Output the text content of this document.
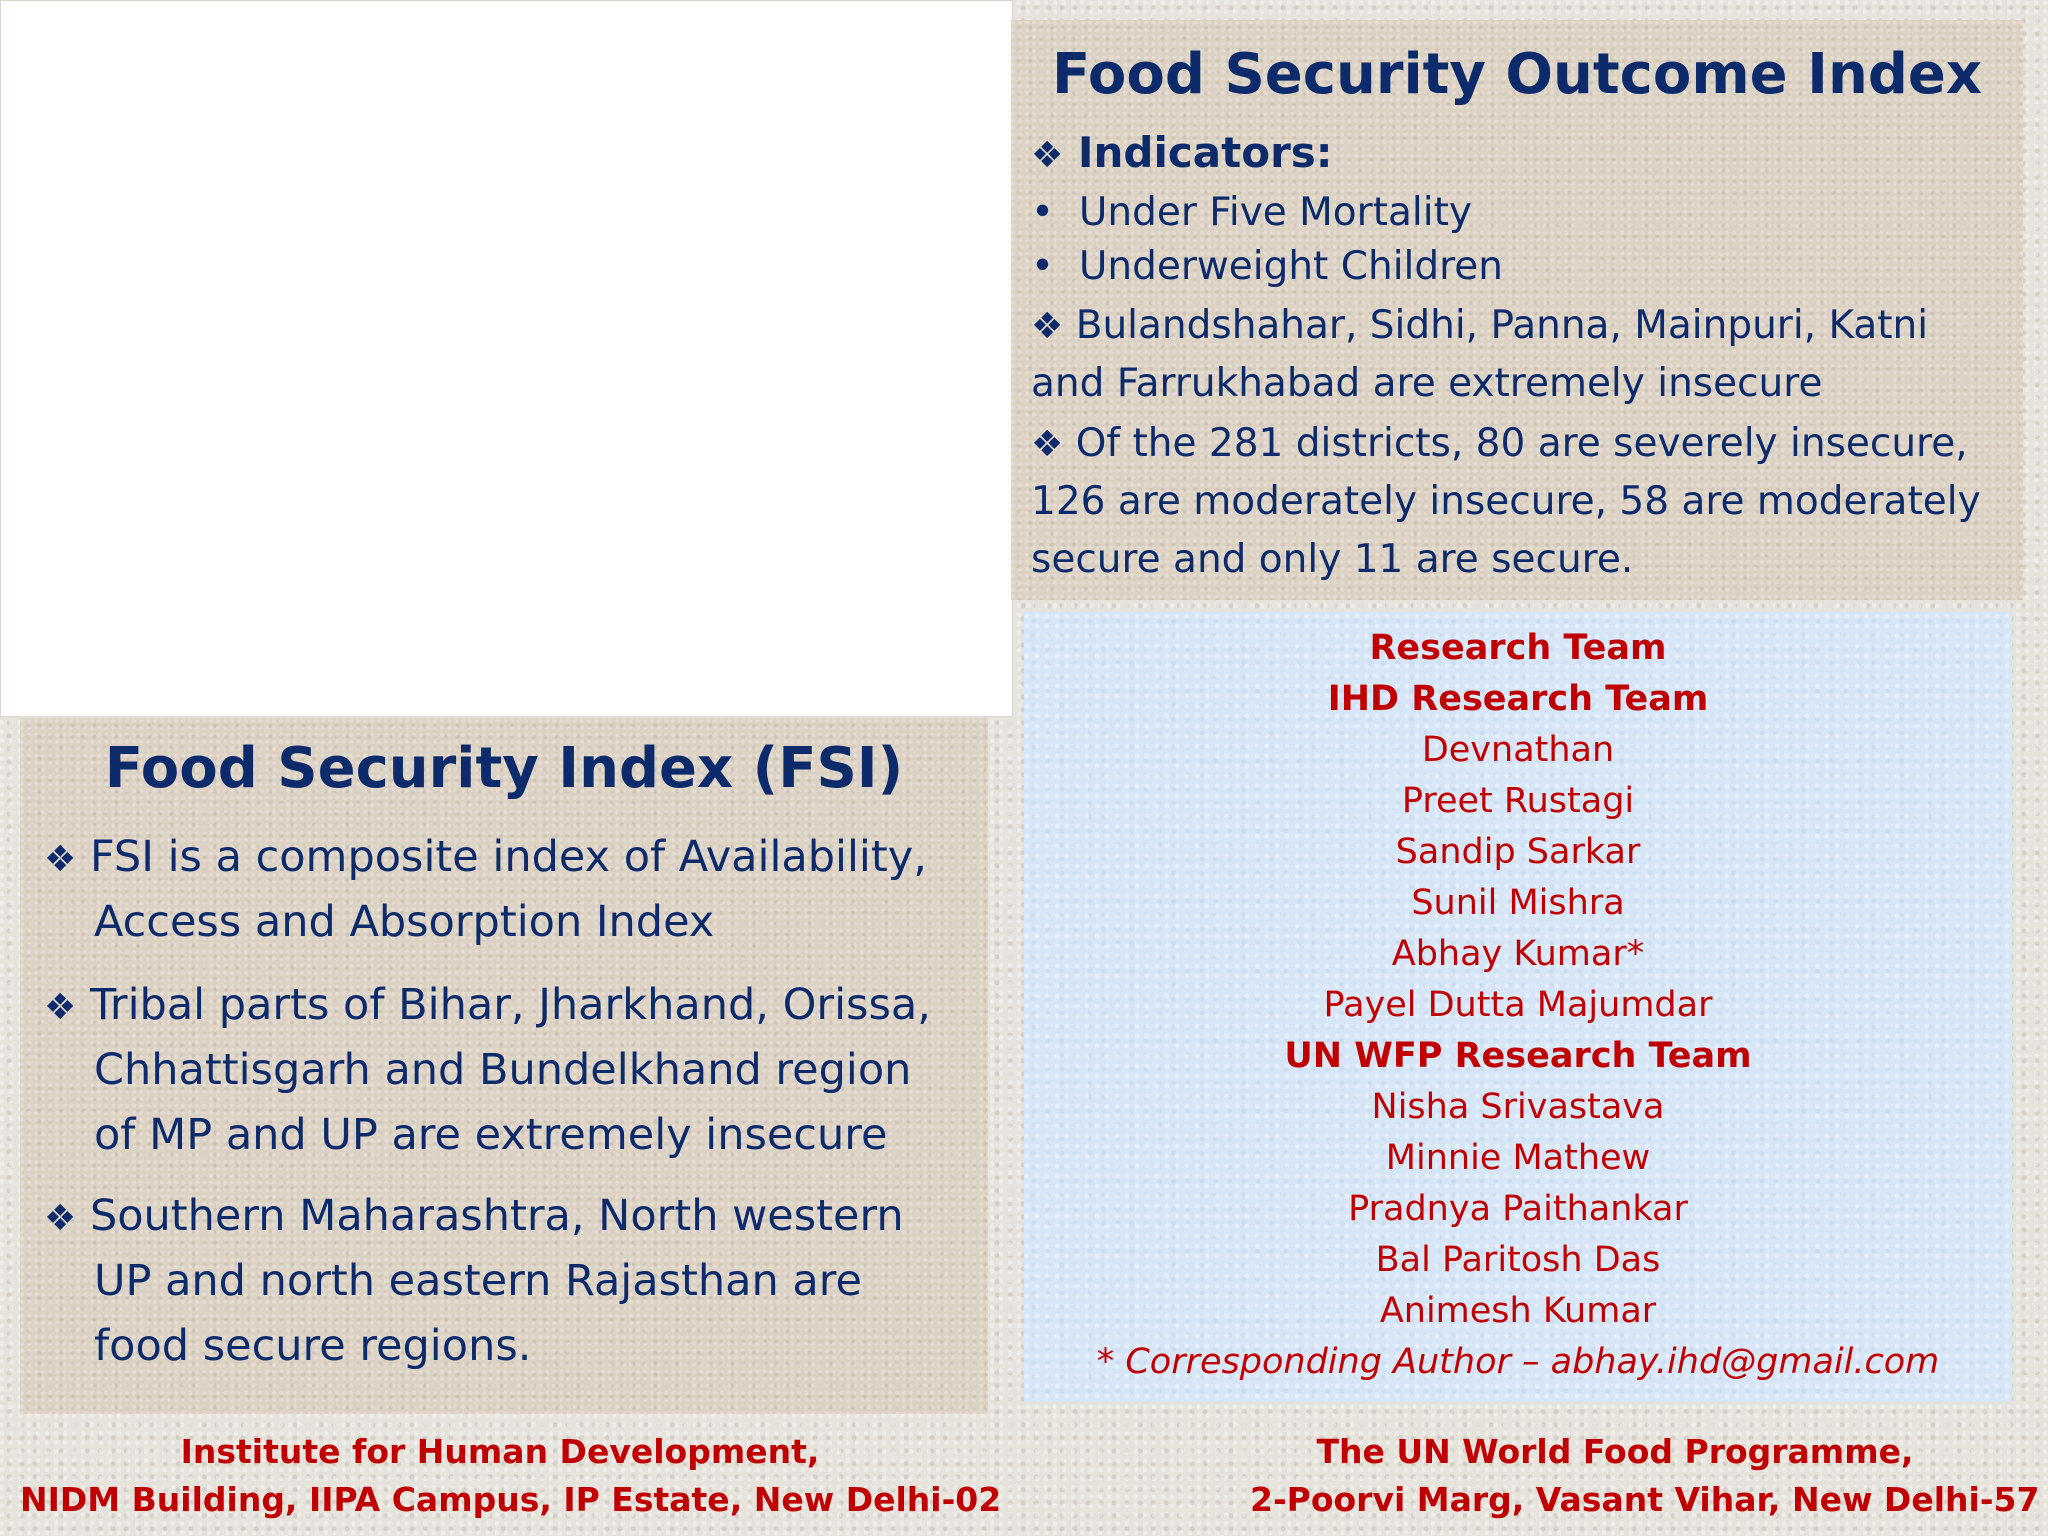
Food Security Outcome Index
❖ Indicators:
•  Under Five Mortality
•  Underweight Children
❖ Bulandshahar, Sidhi, Panna, Mainpuri, Katni
and Farrukhabad are extremely insecure
❖ Of the 281 districts, 80 are severely insecure,
126 are moderately insecure, 58 are moderately
secure and only 11 are secure.
Food Security Index (FSI)
❖ FSI is a composite index of Availability,
Access and Absorption Index
❖ Tribal parts of Bihar, Jharkhand, Orissa,
Chhattisgarh and Bundelkhand region
of MP and UP are extremely insecure
❖ Southern Maharashtra, North western
UP and north eastern Rajasthan are
food secure regions.
Research Team
IHD Research Team
Devnathan
Preet Rustagi
Sandip Sarkar
Sunil Mishra
Abhay Kumar*
Payel Dutta Majumdar
UN WFP Research Team
Nisha Srivastava
Minnie Mathew
Pradnya Paithankar
Bal Paritosh Das
Animesh Kumar
* Corresponding Author – abhay.ihd@gmail.com
Institute for Human Development,
NIDM Building, IIPA Campus, IP Estate, New Delhi-02
The UN World Food Programme,
2-Poorvi Marg, Vasant Vihar, New Delhi-57
